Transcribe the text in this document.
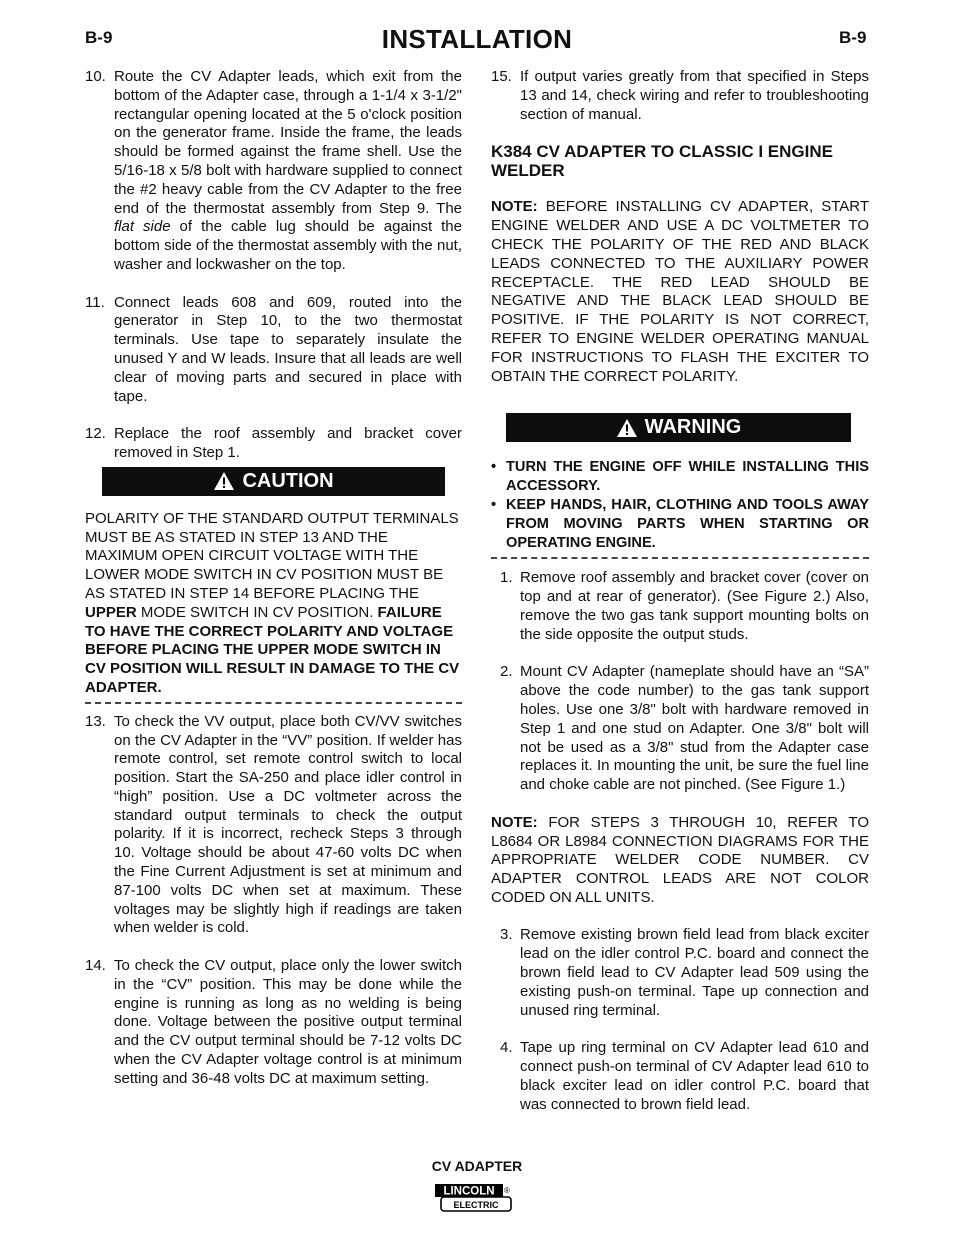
B-9	INSTALLATION	B-9
10. Route the CV Adapter leads, which exit from the bottom of the Adapter case, through a 1-1/4 x 3-1/2" rectangular opening located at the 5 o'clock position on the generator frame. Inside the frame, the leads should be formed against the frame shell. Use the 5/16-18 x 5/8 bolt with hardware supplied to connect the #2 heavy cable from the CV Adapter to the free end of the thermostat assembly from Step 9. The flat side of the cable lug should be against the bottom side of the thermostat assembly with the nut, washer and lockwasher on the top.
11. Connect leads 608 and 609, routed into the generator in Step 10, to the two thermostat terminals. Use tape to separately insulate the unused Y and W leads. Insure that all leads are well clear of moving parts and secured in place with tape.
12. Replace the roof assembly and bracket cover removed in Step 1.
CAUTION
POLARITY OF THE STANDARD OUTPUT TERMINALS MUST BE AS STATED IN STEP 13 AND THE MAXIMUM OPEN CIRCUIT VOLTAGE WITH THE LOWER MODE SWITCH IN CV POSITION MUST BE AS STATED IN STEP 14 BEFORE PLACING THE UPPER MODE SWITCH IN CV POSITION. FAILURE TO HAVE THE CORRECT POLARITY AND VOLTAGE BEFORE PLACING THE UPPER MODE SWITCH IN CV POSITION WILL RESULT IN DAMAGE TO THE CV ADAPTER.
13. To check the VV output, place both CV/VV switches on the CV Adapter in the “VV” position. If welder has remote control, set remote control switch to local position. Start the SA-250 and place idler control in “high” position. Use a DC voltmeter across the standard output terminals to check the output polarity. If it is incorrect, recheck Steps 3 through 10. Voltage should be about 47-60 volts DC when the Fine Current Adjustment is set at minimum and 87-100 volts DC when set at maximum. These voltages may be slightly high if readings are taken when welder is cold.
14. To check the CV output, place only the lower switch in the “CV” position. This may be done while the engine is running as long as no welding is being done. Voltage between the positive output terminal and the CV output terminal should be 7-12 volts DC when the CV Adapter voltage control is at minimum setting and 36-48 volts DC at maximum setting.
15. If output varies greatly from that specified in Steps 13 and 14, check wiring and refer to troubleshooting section of manual.
K384 CV ADAPTER TO CLASSIC I ENGINE WELDER
NOTE: BEFORE INSTALLING CV ADAPTER, START ENGINE WELDER AND USE A DC VOLTMETER TO CHECK THE POLARITY OF THE RED AND BLACK LEADS CONNECTED TO THE AUXILIARY POWER RECEPTACLE. THE RED LEAD SHOULD BE NEGATIVE AND THE BLACK LEAD SHOULD BE POSITIVE. IF THE POLARITY IS NOT CORRECT, REFER TO ENGINE WELDER OPERATING MANUAL FOR INSTRUCTIONS TO FLASH THE EXCITER TO OBTAIN THE CORRECT POLARITY.
WARNING
• TURN THE ENGINE OFF WHILE INSTALLING THIS ACCESSORY.
• KEEP HANDS, HAIR, CLOTHING AND TOOLS AWAY FROM MOVING PARTS WHEN STARTING OR OPERATING ENGINE.
1. Remove roof assembly and bracket cover (cover on top and at rear of generator). (See Figure 2.) Also, remove the two gas tank support mounting bolts on the side opposite the output studs.
2. Mount CV Adapter (nameplate should have an “SA” above the code number) to the gas tank support holes. Use one 3/8" bolt with hardware removed in Step 1 and one stud on Adapter. One 3/8" bolt will not be used as a 3/8" stud from the Adapter case replaces it. In mounting the unit, be sure the fuel line and choke cable are not pinched. (See Figure 1.)
NOTE: FOR STEPS 3 THROUGH 10, REFER TO L8684 OR L8984 CONNECTION DIAGRAMS FOR THE APPROPRIATE WELDER CODE NUMBER. CV ADAPTER CONTROL LEADS ARE NOT COLOR CODED ON ALL UNITS.
3. Remove existing brown field lead from black exciter lead on the idler control P.C. board and connect the brown field lead to CV Adapter lead 509 using the existing push-on terminal. Tape up connection and unused ring terminal.
4. Tape up ring terminal on CV Adapter lead 610 and connect push-on terminal of CV Adapter lead 610 to black exciter lead on idler control P.C. board that was connected to brown field lead.
CV ADAPTER
LINCOLN ®
ELECTRIC
